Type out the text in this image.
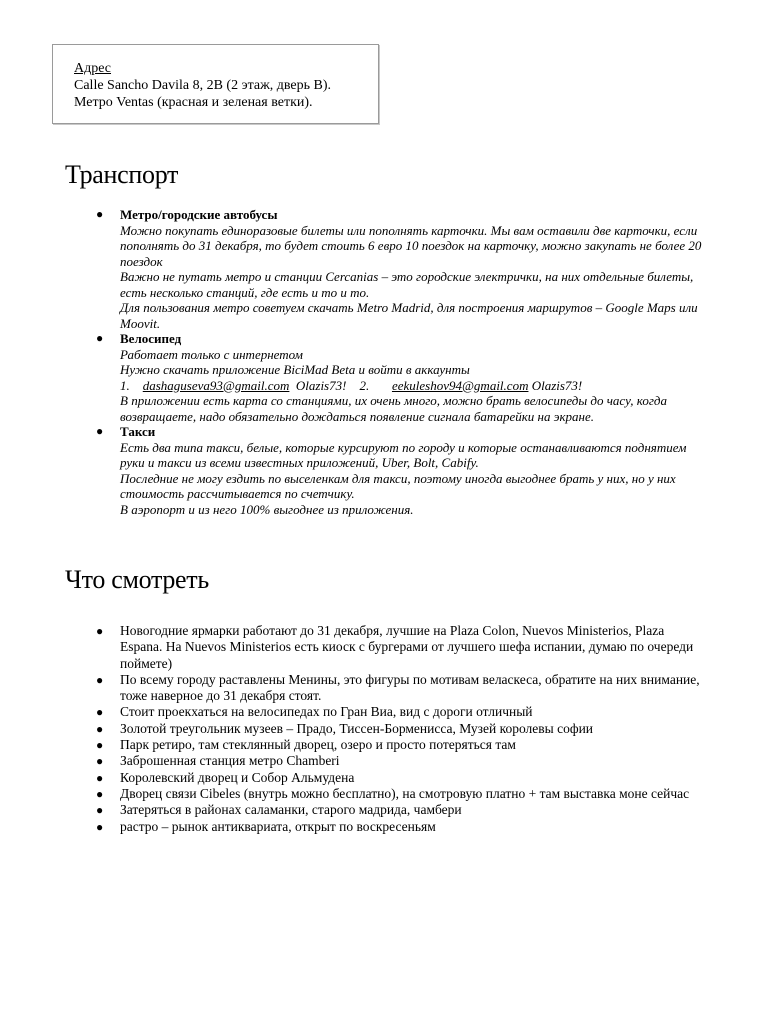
Адрес
Calle Sancho Davila 8, 2B (2 этаж, дверь B).
Метро Ventas (красная и зеленая ветки).
Транспорт
● Метро/городские автобусы
Можно покупать единоразовые билеты или пополнять карточки. Мы вам оставили две карточки, если пополнять до 31 декабря, то будет стоить 6 евро 10 поездок на карточку, можно закупать не более 20 поездок
Важно не путать метро и станции Cercanias – это городские электрички, на них отдельные билеты, есть несколько станций, где есть и то и то.
Для пользования метро советуем скачать Metro Madrid, для построения маршрутов – Google Maps или Moovit.
● Велосипед
Работает только с интернетом
Нужно скачать приложение BiciMad Beta и войти в аккаунты
1. dashaguseva93@gmail.com Olazis73! 2. eekuleshov94@gmail.com Olazis73!
В приложении есть карта со станциями, их очень много, можно брать велосипеды до часу, когда возвращаете, надо обязательно дождаться появление сигнала батарейки на экране.
● Такси
Есть два типа такси, белые, которые курсируют по городу и которые останавливаются поднятием руки и такси из всеми известных приложений, Uber, Bolt, Cabify.
Последние не могу ездить по выселенкам для такси, поэтому иногда выгоднее брать у них, но у них стоимость рассчитывается по счетчику.
В аэропорт и из него 100% выгоднее из приложения.
Что смотреть
● Новогодние ярмарки работают до 31 декабря, лучшие на Plaza Colon, Nuevos Ministerios, Plaza Espana. На Nuevos Ministerios есть киоск с бургерами от лучшего шефа испании, думаю по очереди поймете)
● По всему городу раставлены Менины, это фигуры по мотивам веласкеса, обратите на них внимание, тоже наверное до 31 декабря стоят.
● Стоит проекхаться на велосипедах по Гран Виа, вид с дороги отличный
● Золотой треугольник музеев – Прадо, Тиссен-Борменисса, Музей королевы софии
● Парк ретиро, там стеклянный дворец, озеро и просто потеряться там
● Заброшенная станция метро Chamberi
● Королевский дворец и Собор Альмудена
● Дворец связи Cibeles (внутрь можно бесплатно), на смотровую платно + там выставка моне сейчас
● Затеряться в районах саламанки, старого мадрида, чамбери
● растро – рынок антиквариата, открыт по воскресеньям
